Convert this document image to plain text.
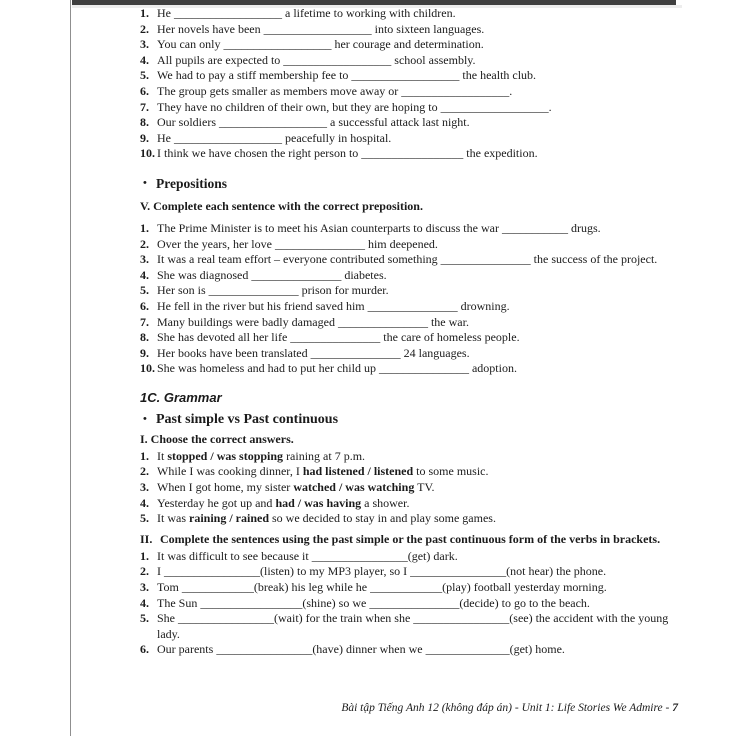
1. He __________________ a lifetime to working with children.
2. Her novels have been __________________ into sixteen languages.
3. You can only __________________ her courage and determination.
4. All pupils are expected to __________________ school assembly.
5. We had to pay a stiff membership fee to __________________ the health club.
6. The group gets smaller as members move away or __________________.
7. They have no children of their own, but they are hoping to __________________.
8. Our soldiers __________________ a successful attack last night.
9. He __________________ peacefully in hospital.
10. I think we have chosen the right person to _________________ the expedition.
• Prepositions
V. Complete each sentence with the correct preposition.
1. The Prime Minister is to meet his Asian counterparts to discuss the war ___________ drugs.
2. Over the years, her love _______________ him deepened.
3. It was a real team effort – everyone contributed something _______________ the success of the project.
4. She was diagnosed _______________ diabetes.
5. Her son is _______________ prison for murder.
6. He fell in the river but his friend saved him _______________ drowning.
7. Many buildings were badly damaged _______________ the war.
8. She has devoted all her life _______________ the care of homeless people.
9. Her books have been translated _______________ 24 languages.
10. She was homeless and had to put her child up _______________ adoption.
1C. Grammar
• Past simple vs Past continuous
I. Choose the correct answers.
1. It stopped / was stopping raining at 7 p.m.
2. While I was cooking dinner, I had listened / listened to some music.
3. When I got home, my sister watched / was watching TV.
4. Yesterday he got up and had / was having a shower.
5. It was raining / rained so we decided to stay in and play some games.
II. Complete the sentences using the past simple or the past continuous form of the verbs in brackets.
1. It was difficult to see because it ________________(get) dark.
2. I ________________(listen) to my MP3 player, so I ________________(not hear) the phone.
3. Tom ____________(break) his leg while he ____________(play) football yesterday morning.
4. The Sun _________________(shine) so we _______________(decide) to go to the beach.
5. She ________________(wait) for the train when she ________________(see) the accident with the young lady.
6. Our parents ________________(have) dinner when we ______________(get) home.
Bài tập Tiếng Anh 12 (không đáp án) - Unit 1: Life Stories We Admire - 7
